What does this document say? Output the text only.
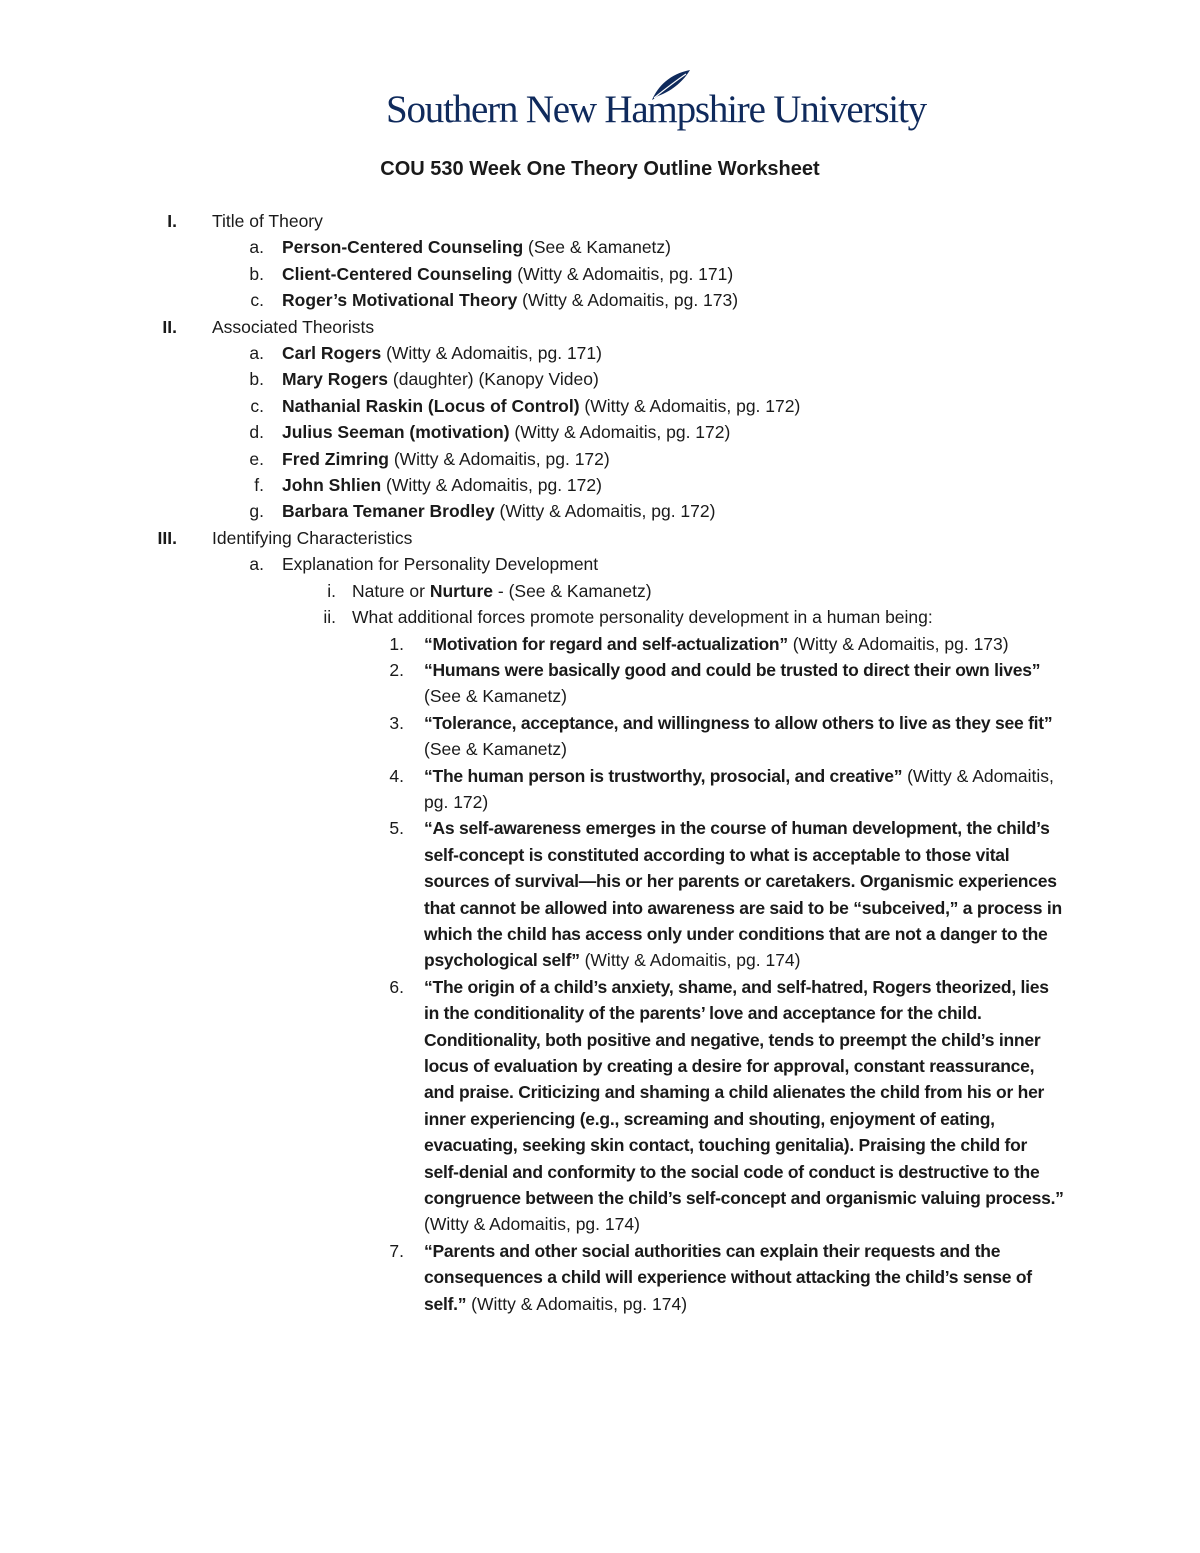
Southern New Hampshire University
COU 530 Week One Theory Outline Worksheet
I. Title of Theory
a. Person-Centered Counseling (See & Kamanetz)
b. Client-Centered Counseling (Witty & Adomaitis, pg. 171)
c. Roger’s Motivational Theory (Witty & Adomaitis, pg. 173)
II. Associated Theorists
a. Carl Rogers (Witty & Adomaitis, pg. 171)
b. Mary Rogers (daughter) (Kanopy Video)
c. Nathanial Raskin (Locus of Control) (Witty & Adomaitis, pg. 172)
d. Julius Seeman (motivation) (Witty & Adomaitis, pg. 172)
e. Fred Zimring (Witty & Adomaitis, pg. 172)
f. John Shlien (Witty & Adomaitis, pg. 172)
g. Barbara Temaner Brodley (Witty & Adomaitis, pg. 172)
III. Identifying Characteristics
a. Explanation for Personality Development
i. Nature or Nurture - (See & Kamanetz)
ii. What additional forces promote personality development in a human being:
1. “Motivation for regard and self-actualization” (Witty & Adomaitis, pg. 173)
2. “Humans were basically good and could be trusted to direct their own lives” (See & Kamanetz)
3. “Tolerance, acceptance, and willingness to allow others to live as they see fit” (See & Kamanetz)
4. “The human person is trustworthy, prosocial, and creative” (Witty & Adomaitis, pg. 172)
5. “As self-awareness emerges in the course of human development, the child’s self-concept is constituted according to what is acceptable to those vital sources of survival—his or her parents or caretakers. Organismic experiences that cannot be allowed into awareness are said to be “subceived,” a process in which the child has access only under conditions that are not a danger to the psychological self” (Witty & Adomaitis, pg. 174)
6. “The origin of a child’s anxiety, shame, and self-hatred, Rogers theorized, lies in the conditionality of the parents’ love and acceptance for the child. Conditionality, both positive and negative, tends to preempt the child’s inner locus of evaluation by creating a desire for approval, constant reassurance, and praise. Criticizing and shaming a child alienates the child from his or her inner experiencing (e.g., screaming and shouting, enjoyment of eating, evacuating, seeking skin contact, touching genitalia). Praising the child for self-denial and conformity to the social code of conduct is destructive to the congruence between the child’s self-concept and organismic valuing process.” (Witty & Adomaitis, pg. 174)
7. “Parents and other social authorities can explain their requests and the consequences a child will experience without attacking the child’s sense of self.” (Witty & Adomaitis, pg. 174)
